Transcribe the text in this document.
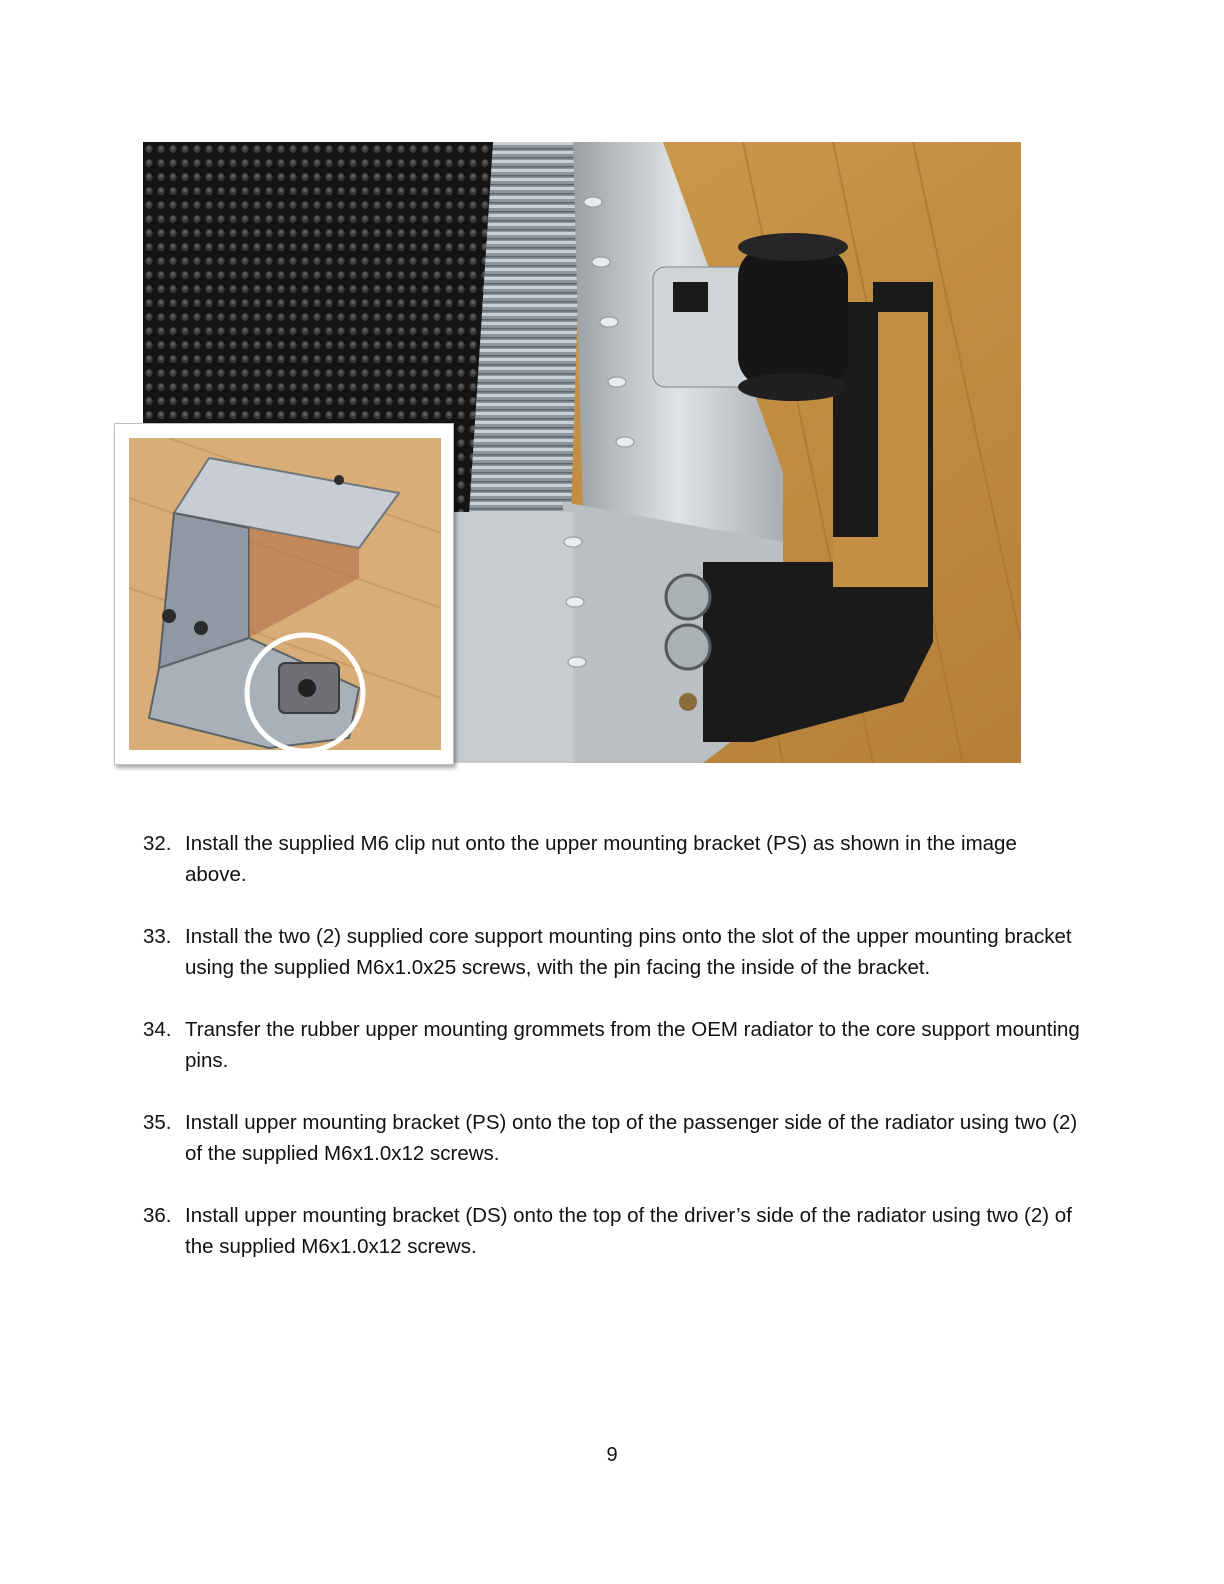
32. Install the supplied M6 clip nut onto the upper mounting bracket (PS) as shown in the image above.
33. Install the two (2) supplied core support mounting pins onto the slot of the upper mounting bracket using the supplied M6x1.0x25 screws, with the pin facing the inside of the bracket.
34. Transfer the rubber upper mounting grommets from the OEM radiator to the core support mounting pins.
35. Install upper mounting bracket (PS) onto the top of the passenger side of the radiator using two (2) of the supplied M6x1.0x12 screws.
36. Install upper mounting bracket (DS) onto the top of the driver’s side of the radiator using two (2) of the supplied M6x1.0x12 screws.
9
